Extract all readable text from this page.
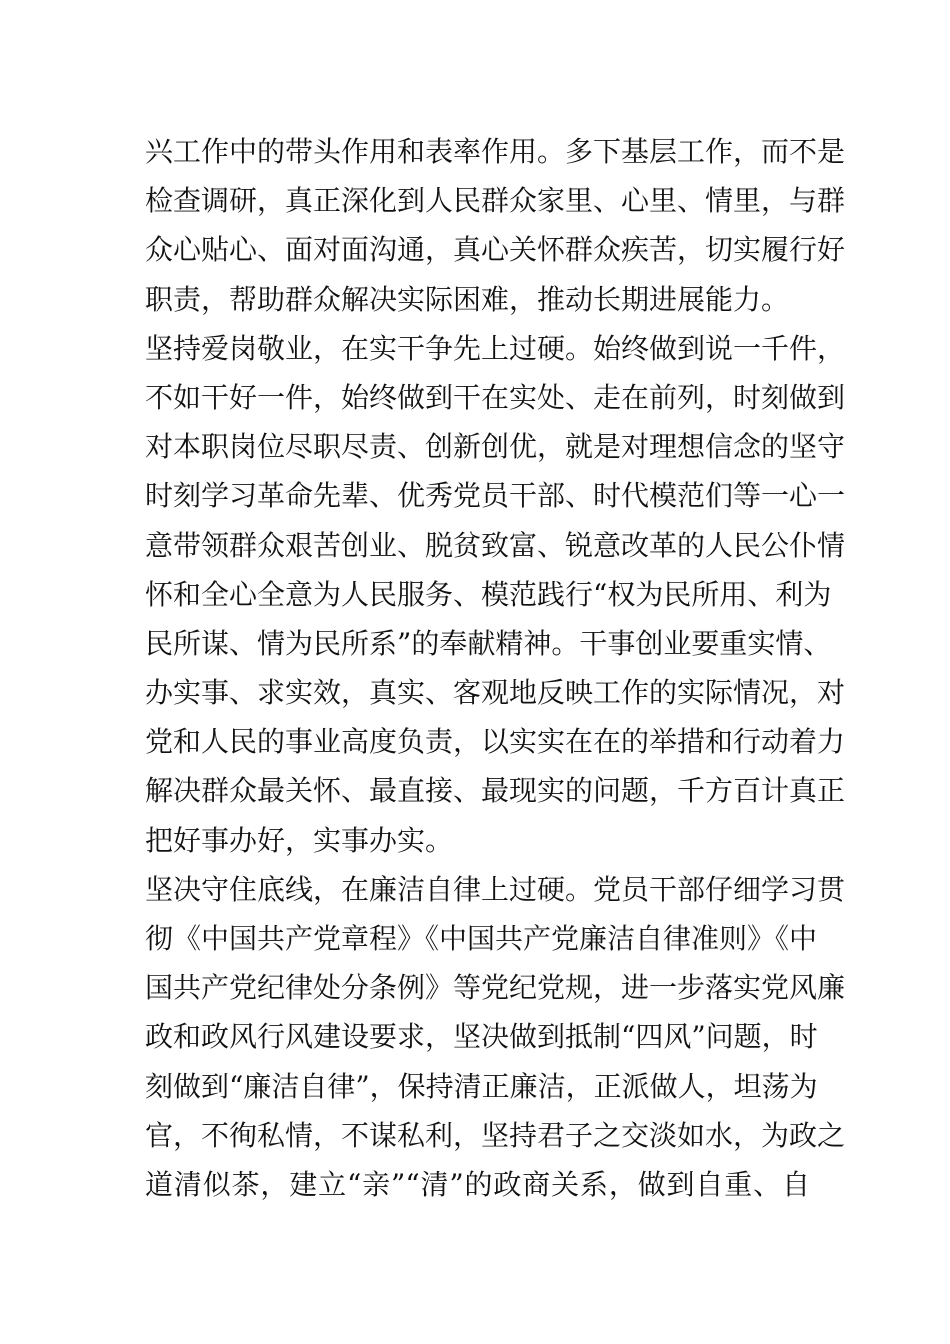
兴工作中的带头作用和表率作用。多下基层工作，而不是
检查调研，真正深化到人民群众家里、心里、情里，与群
众心贴心、面对面沟通，真心关怀群众疾苦，切实履行好
职责，帮助群众解决实际困难，推动长期进展能力。
坚持爱岗敬业，在实干争先上过硬。始终做到说一千件，
不如干好一件，始终做到干在实处、走在前列，时刻做到
对本职岗位尽职尽责、创新创优，就是对理想信念的坚守
时刻学习革命先辈、优秀党员干部、时代模范们等一心一
意带领群众艰苦创业、脱贫致富、锐意改革的人民公仆情
怀和全心全意为人民服务、模范践行“权为民所用、利为
民所谋、情为民所系”的奉献精神。干事创业要重实情、
办实事、求实效，真实、客观地反映工作的实际情况，对
党和人民的事业高度负责，以实实在在的举措和行动着力
解决群众最关怀、最直接、最现实的问题，千方百计真正
把好事办好，实事办实。
坚决守住底线，在廉洁自律上过硬。党员干部仔细学习贯
彻《中国共产党章程》《中国共产党廉洁自律准则》《中
国共产党纪律处分条例》等党纪党规，进一步落实党风廉
政和政风行风建设要求，坚决做到抵制“四风”问题，时
刻做到“廉洁自律”，保持清正廉洁，正派做人，坦荡为
官，不徇私情，不谋私利，坚持君子之交淡如水，为政之
道清似茶，建立“亲”“清”的政商关系，做到自重、自
